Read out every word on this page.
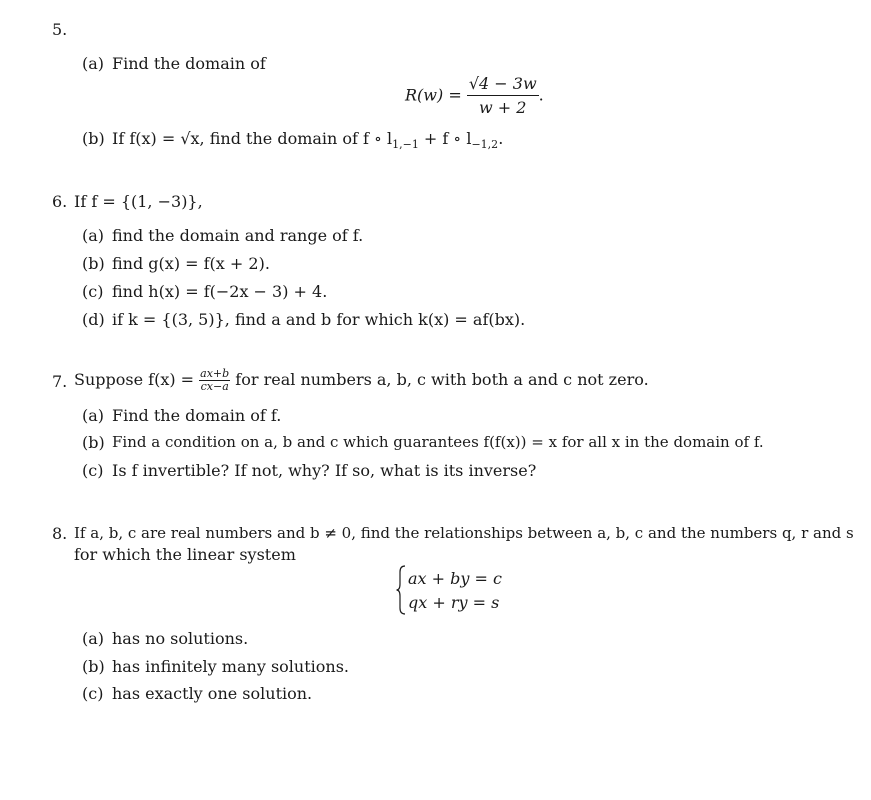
5.
(a) Find the domain of
$R(w) = \frac{√4 - 3w}{w + 2}$ .
(b) If f(x) = √x, find the domain of f ∘ $l_{1,-1} + f$ ∘ $l_{-1,2}$.
6. If f = {(1, −3)},
(a) find the domain and range of f.
(b) find g(x) = f(x + 2).
(c) find h(x) = f(−2x − 3) + 4.
(d) if k = {(3, 5)}, find a and b for which k(x) = af(bx).
7. Suppose $f(x) = \frac{ax+b}{cx-a}$ for real numbers a, b, c with both a and c not zero.
(a) Find the domain of f.
(b) Find a condition on a, b and c which guarantees f(f(x)) = x for all x in the domain of f.
(c) Is f invertible? If not, why? If so, what is its inverse?
8. If a, b, c are real numbers and b ≠ 0, find the relationships between a, b, c and the numbers q, r and s
for which the linear system
ax + by = c
qx + ry = s
(a) has no solutions.
(b) has infinitely many solutions.
(c) has exactly one solution.
